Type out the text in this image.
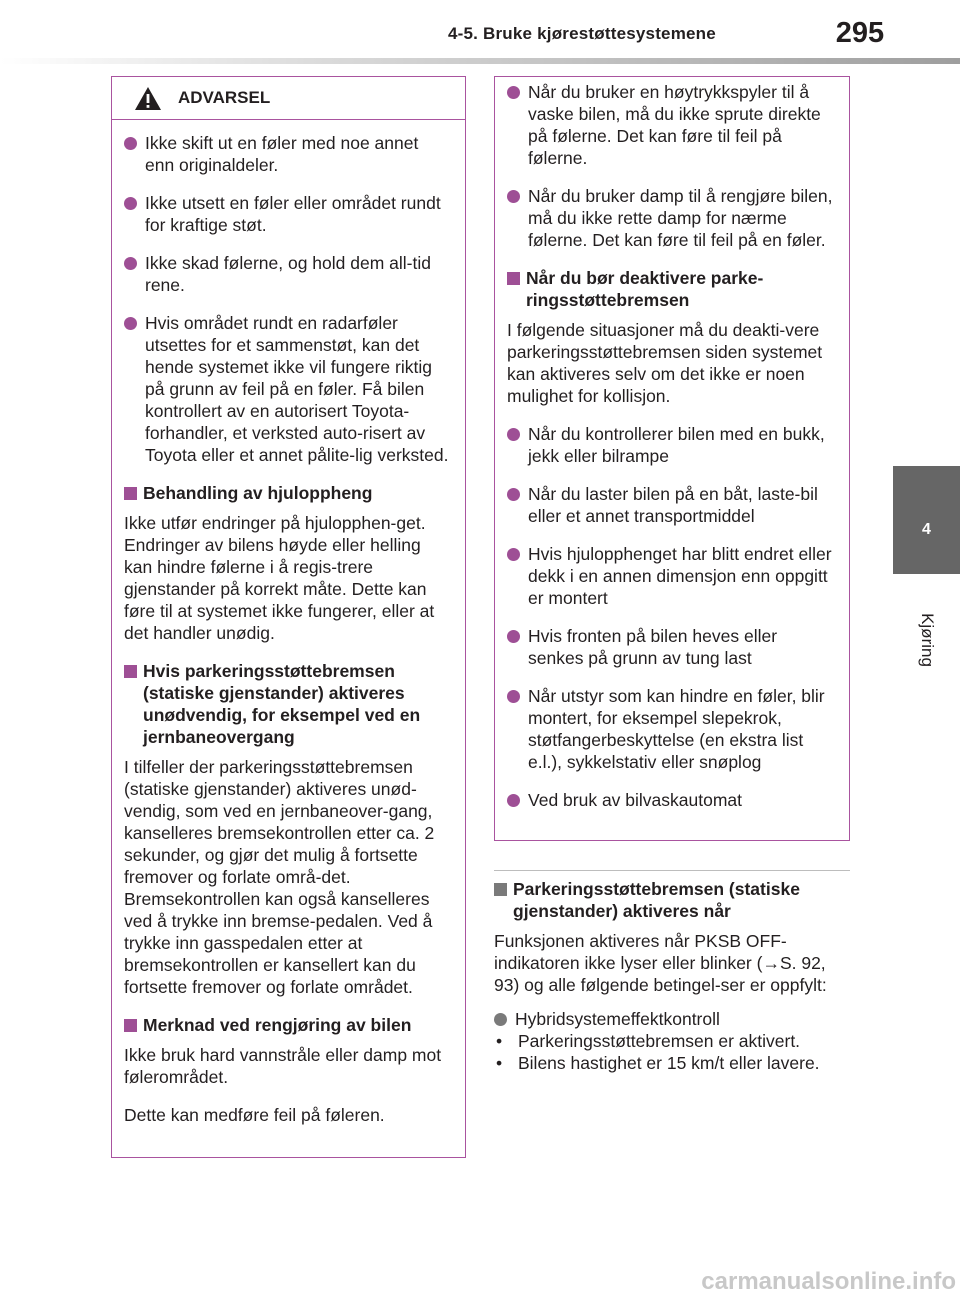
4-5. Bruke kjørestøttesystemene	295
4
Kjøring
ADVARSEL
Ikke skift ut en føler med noe annet enn originaldeler.
Ikke utsett en føler eller området rundt for kraftige støt.
Ikke skad følerne, og hold dem all-tid rene.
Hvis området rundt en radarføler utsettes for et sammenstøt, kan det hende systemet ikke vil fungere riktig på grunn av feil på en føler. Få bilen kontrollert av en autorisert Toyota-forhandler, et verksted auto-risert av Toyota eller et annet pålite-lig verksted.
Behandling av hjuloppheng

Ikke utfør endringer på hjulopphen-get. Endringer av bilens høyde eller helling kan hindre følerne i å regis-trere gjenstander på korrekt måte. Dette kan føre til at systemet ikke fungerer, eller at det handler unødig.

Hvis parkeringsstøttebremsen (statiske gjenstander) aktiveres unødvendig, for eksempel ved en jernbaneovergang

I tilfeller der parkeringsstøttebremsen (statiske gjenstander) aktiveres unød-vendig, som ved en jernbaneover-gang, kanselleres bremsekontrollen etter ca. 2 sekunder, og gjør det mulig å fortsette fremover og forlate områ-det. Bremsekontrollen kan også kanselleres ved å trykke inn bremse-pedalen. Ved å trykke inn gasspedalen etter at bremsekontrollen er kansellert kan du fortsette fremover og forlate området.

Merknad ved rengjøring av bilen

Ikke bruk hard vannstråle eller damp mot følerområdet.

Dette kan medføre feil på føleren.

Når du bruker en høytrykkspyler til å vaske bilen, må du ikke sprute direkte på følerne. Det kan føre til feil på følerne.
Når du bruker damp til å rengjøre bilen, må du ikke rette damp for nærme følerne. Det kan føre til feil på en føler.
Når du bør deaktivere parke-ringsstøttebremsen

I følgende situasjoner må du deakti-vere parkeringsstøttebremsen siden systemet kan aktiveres selv om det ikke er noen mulighet for kollisjon.

Når du kontrollerer bilen med en bukk, jekk eller bilrampe
Når du laster bilen på en båt, laste-bil eller et annet transportmiddel
Hvis hjulopphenget har blitt endret eller dekk i en annen dimensjon enn oppgitt er montert
Hvis fronten på bilen heves eller senkes på grunn av tung last
Når utstyr som kan hindre en føler, blir montert, for eksempel slepekrok, støtfangerbeskyttelse (en ekstra list e.l.), sykkelstativ eller snøplog
Ved bruk av bilvaskautomat
Parkeringsstøttebremsen (statiske gjenstander) aktiveres når

Funksjonen aktiveres når PKSB OFF-indikatoren ikke lyser eller blinker (→S. 92, 93) og alle følgende betingel-ser er oppfylt:

Hybridsystemeffektkontroll
• Parkeringsstøttebremsen er aktivert.
• Bilens hastighet er 15 km/t eller lavere.
carmanualsonline.info
